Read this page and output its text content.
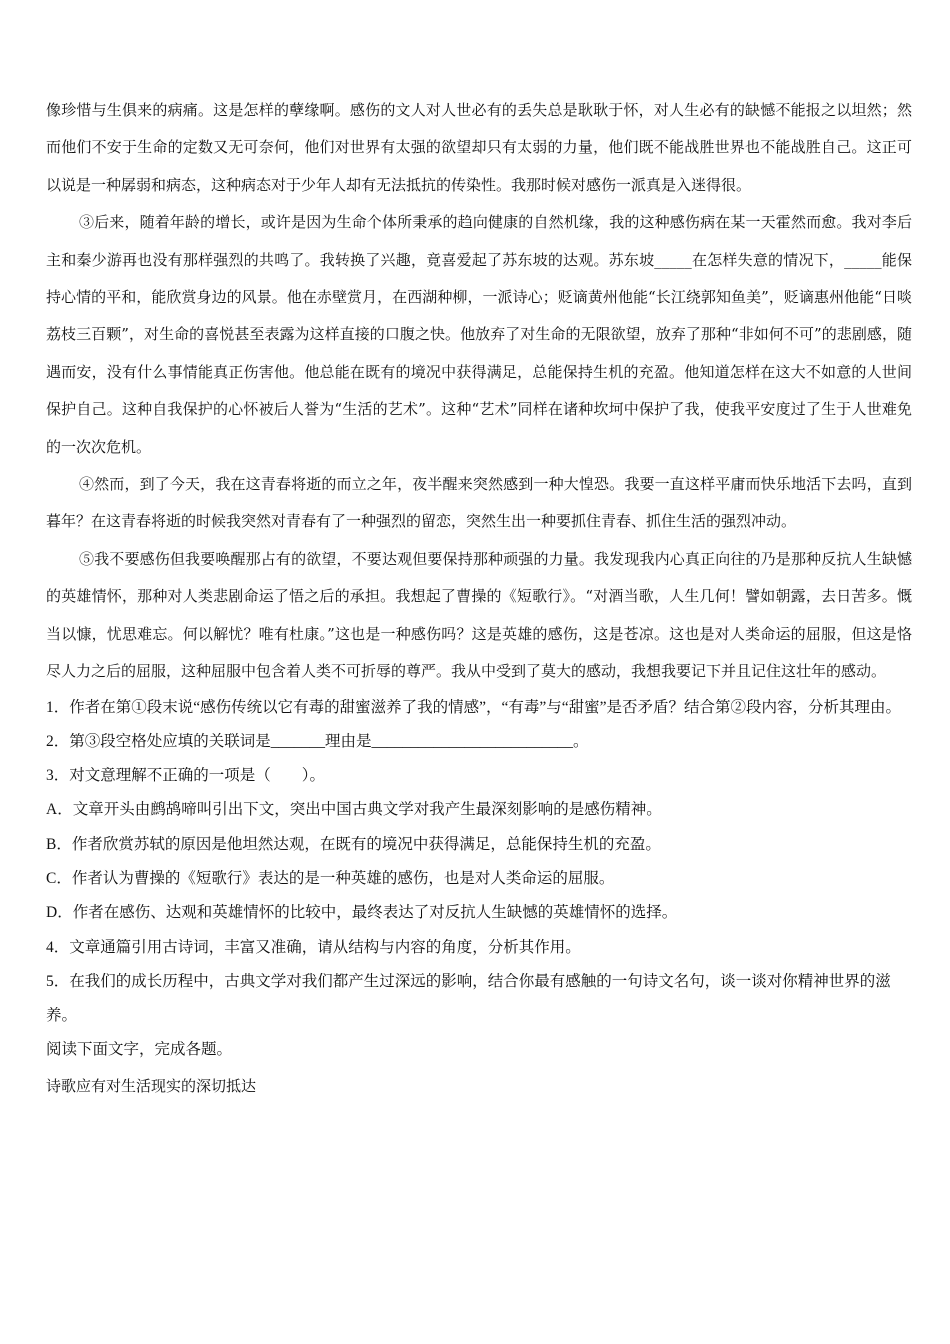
像珍惜与生俱来的病痛。这是怎样的孽缘啊。感伤的文人对人世必有的丢失总是耿耿于怀，对人生必有的缺憾不能报之以坦然；然而他们不安于生命的定数又无可奈何，他们对世界有太强的欲望却只有太弱的力量，他们既不能战胜世界也不能战胜自己。这正可以说是一种孱弱和病态，这种病态对于少年人却有无法抵抗的传染性。我那时候对感伤一派真是入迷得很。

③后来，随着年龄的增长，或许是因为生命个体所秉承的趋向健康的自然机缘，我的这种感伤病在某一天霍然而愈。我对李后主和秦少游再也没有那样强烈的共鸣了。我转换了兴趣，竟喜爱起了苏东坡的达观。苏东坡_____在怎样失意的情况下，_____能保持心情的平和，能欣赏身边的风景。他在赤壁赏月，在西湖种柳，一派诗心；贬谪黄州他能“长江绕郭知鱼美”，贬谪惠州他能“日啖荔枝三百颗”，对生命的喜悦甚至表露为这样直接的口腹之快。他放弃了对生命的无限欲望，放弃了那种“非如何不可”的悲剧感，随遇而安，没有什么事情能真正伤害他。他总能在既有的境况中获得满足，总能保持生机的充盈。他知道怎样在这大不如意的人世间保护自己。这种自我保护的心怀被后人誉为“生活的艺术”。这种“艺术”同样在诸种坎坷中保护了我，使我平安度过了生于人世难免的一次次危机。

④然而，到了今天，我在这青春将逝的而立之年，夜半醒来突然感到一种大惶恐。我要一直这样平庸而快乐地活下去吗，直到暮年？在这青春将逝的时候我突然对青春有了一种强烈的留恋，突然生出一种要抓住青春、抓住生活的强烈冲动。

⑤我不要感伤但我要唤醒那占有的欲望，不要达观但要保持那种顽强的力量。我发现我内心真正向往的乃是那种反抗人生缺憾的英雄情怀，那种对人类悲剧命运了悟之后的承担。我想起了曹操的《短歌行》。“对酒当歌，人生几何！譬如朝露，去日苦多。慨当以慷，忧思难忘。何以解忧？唯有杜康。”这也是一种感伤吗？这是英雄的感伤，这是苍凉。这也是对人类命运的屈服，但这是恪尽人力之后的屈服，这种屈服中包含着人类不可折辱的尊严。我从中受到了莫大的感动，我想我要记下并且记住这壮年的感动。

1．作者在第①段末说“感伤传统以它有毒的甜蜜滋养了我的情感”，“有毒”与“甜蜜”是否矛盾？结合第②段内容，分析其理由。

2．第③段空格处应填的关联词是_______理由是__________________________。

3．对文意理解不正确的一项是（　　）。

A．文章开头由鹧鸪啼叫引出下文，突出中国古典文学对我产生最深刻影响的是感伤精神。

B．作者欣赏苏轼的原因是他坦然达观，在既有的境况中获得满足，总能保持生机的充盈。

C．作者认为曹操的《短歌行》表达的是一种英雄的感伤，也是对人类命运的屈服。

D．作者在感伤、达观和英雄情怀的比较中，最终表达了对反抗人生缺憾的英雄情怀的选择。

4．文章通篇引用古诗词，丰富又准确，请从结构与内容的角度，分析其作用。

5．在我们的成长历程中，古典文学对我们都产生过深远的影响，结合你最有感触的一句诗文名句，谈一谈对你精神世界的滋养。

阅读下面文字，完成各题。

诗歌应有对生活现实的深切抵达
